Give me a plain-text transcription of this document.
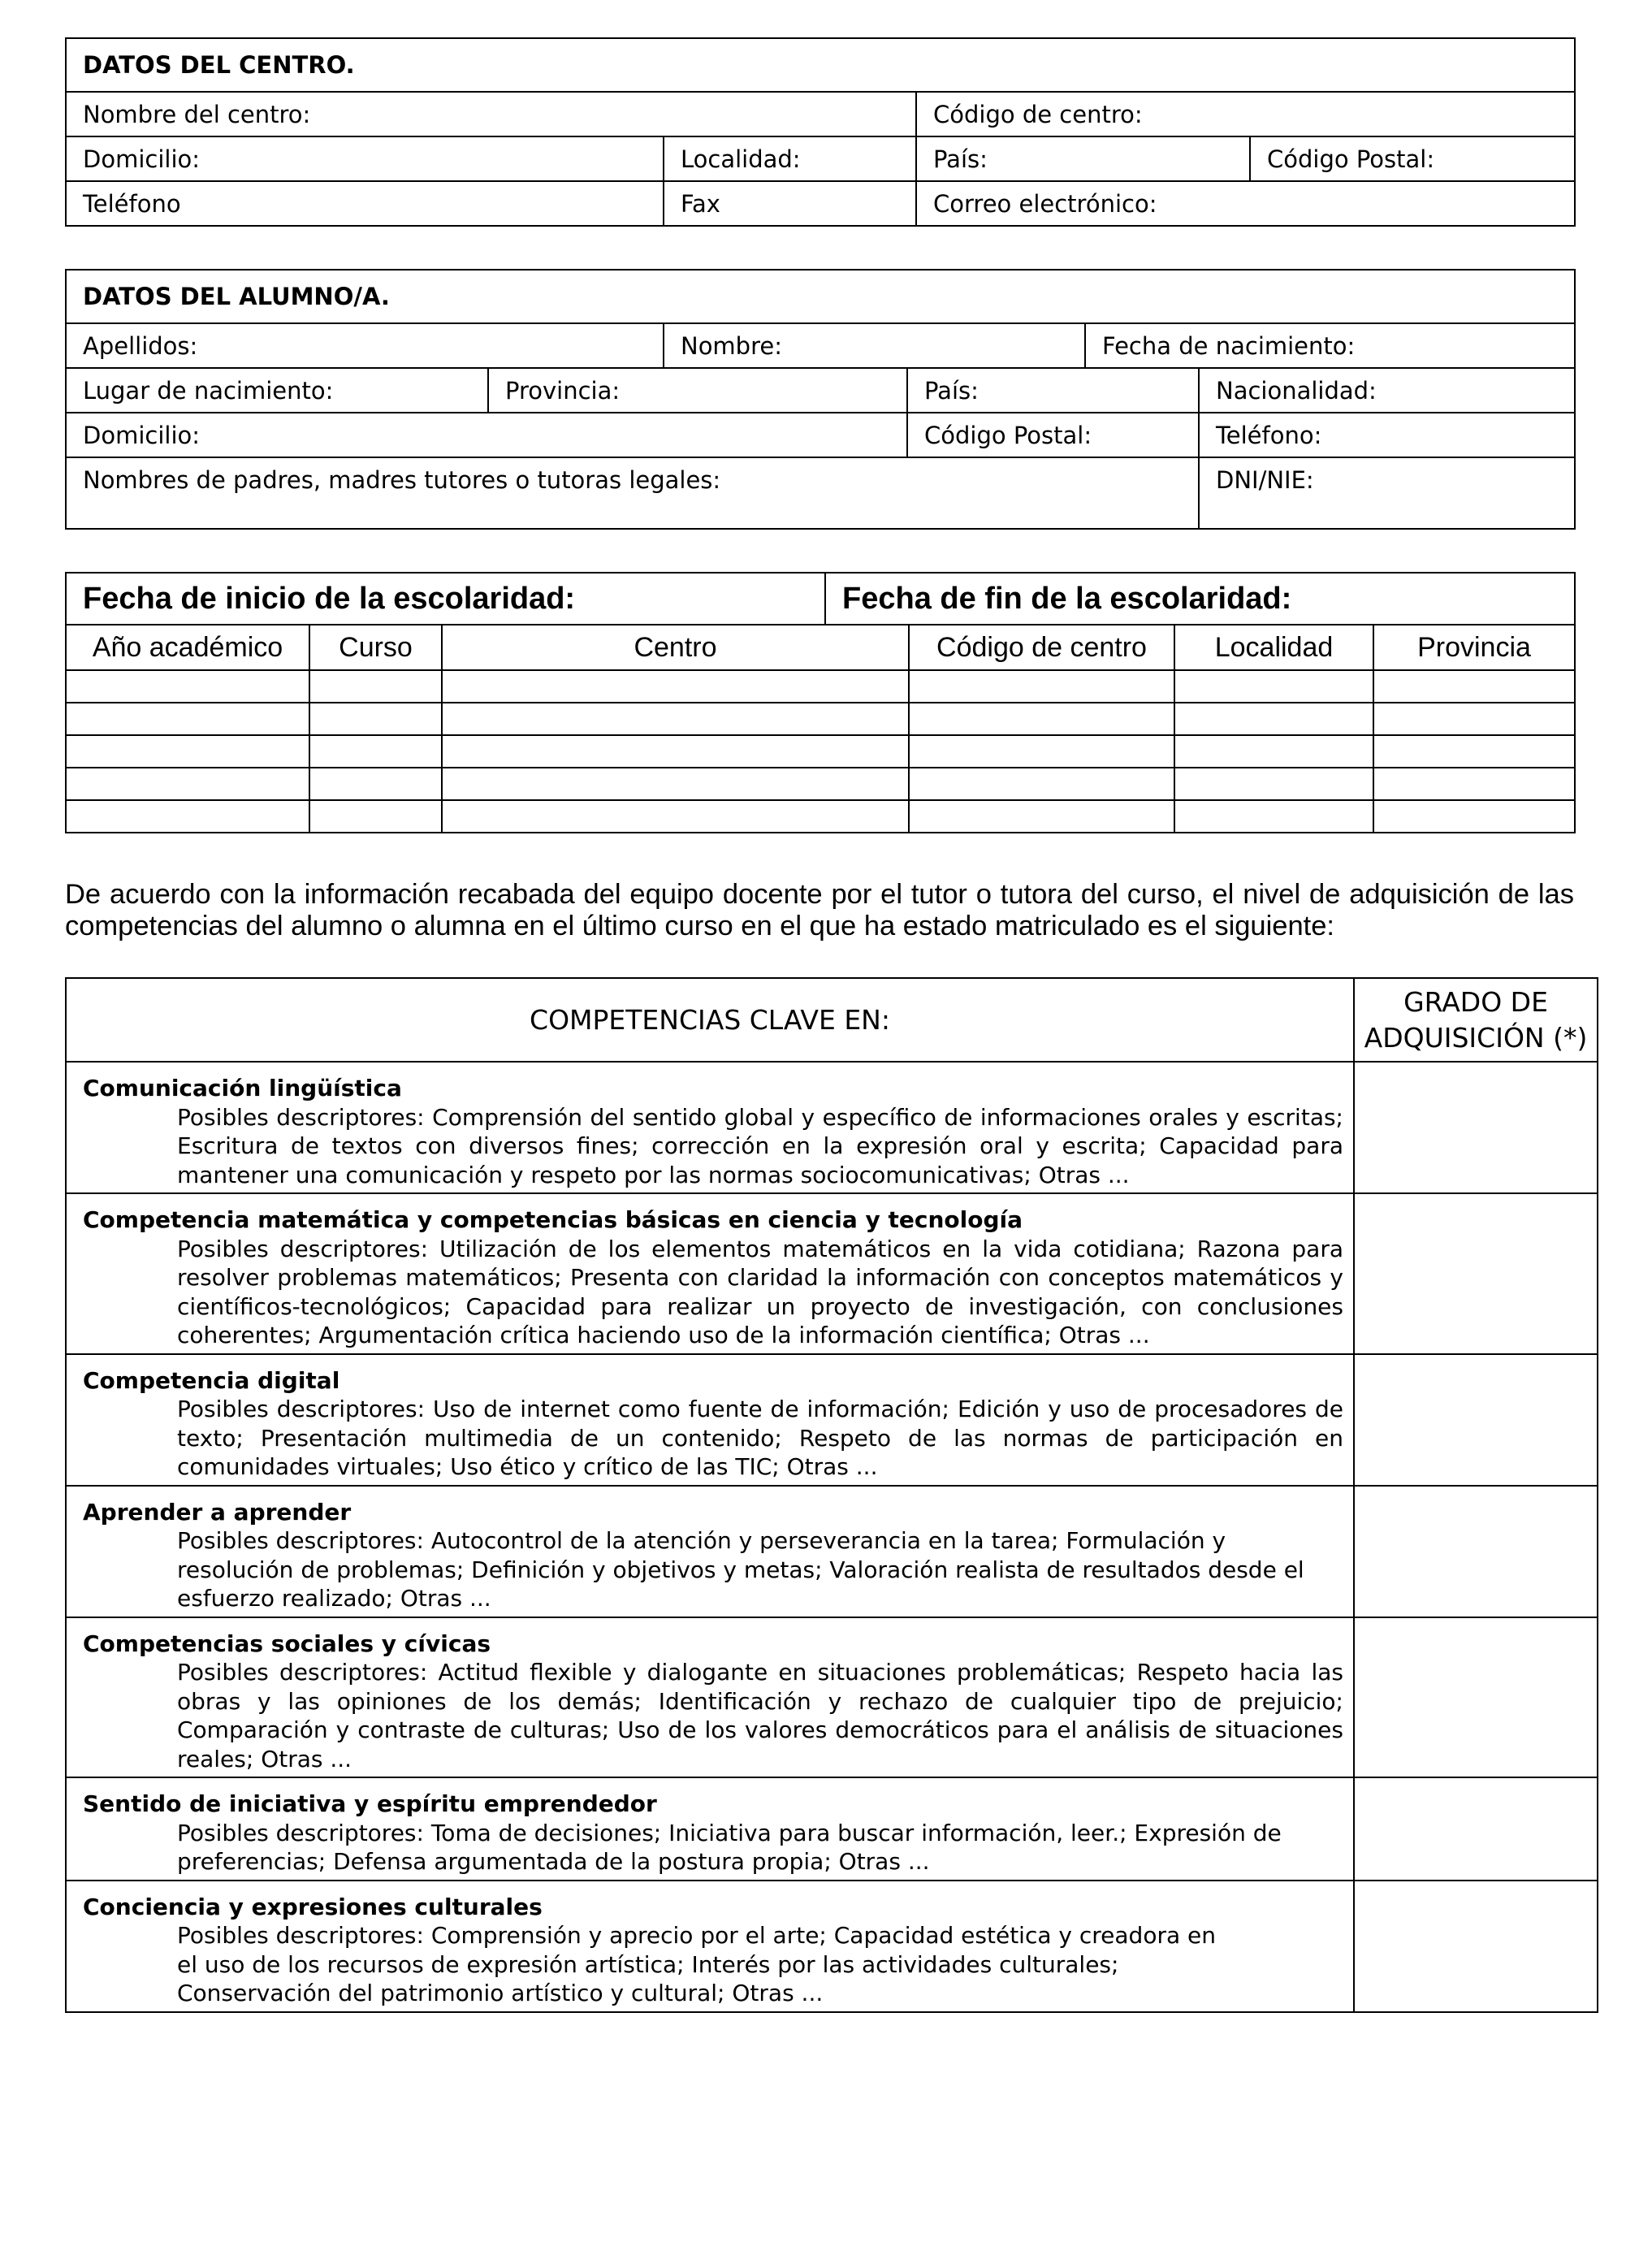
DATOS DEL CENTRO.			
Nombre del centro:		Código de centro:	
Domicilio:	Localidad:	País:	Código Postal:
Teléfono	Fax	Correo electrónico:	
DATOS DEL ALUMNO/A.
Apellidos:	Nombre:	Fecha de nacimiento:
Lugar de nacimiento:	Provincia:	País:	Nacionalidad:
Domicilio:		Código Postal:	Teléfono:
Nombres de padres, madres tutores o tutoras legales:			DNI/NIE:
Fecha de inicio de la escolaridad:	Fecha de fin de la escolaridad:
Año académico	Curso	Centro	Código de centro	Localidad	Provincia

De acuerdo con la información recabada del equipo docente por el tutor o tutora del curso, el nivel de adquisición de las competencias del alumno o alumna en el último curso en el que ha estado matriculado es el siguiente:
COMPETENCIAS CLAVE EN:	GRADO DE
ADQUISICIÓN (*)

Comunicación lingüística
Posibles descriptores: Comprensión del sentido global y específico de informaciones orales y escritas; Escritura de textos con diversos fines; corrección en la expresión oral y escrita; Capacidad para mantener una comunicación y respeto por las normas sociocomunicativas; Otras ...	

Competencia matemática y competencias básicas en ciencia y tecnología
Posibles descriptores: Utilización de los elementos matemáticos en la vida cotidiana; Razona para resolver problemas matemáticos; Presenta con claridad la información con conceptos matemáticos y científicos-tecnológicos; Capacidad para realizar un proyecto de investigación, con conclusiones coherentes; Argumentación crítica haciendo uso de la información científica; Otras ...	

Competencia digital
Posibles descriptores: Uso de internet como fuente de información; Edición y uso de procesadores de texto; Presentación multimedia de un contenido; Respeto de las normas de participación en comunidades virtuales; Uso ético y crítico de las TIC; Otras ...	

Aprender a aprender
Posibles descriptores: Autocontrol de la atención y perseverancia en la tarea; Formulación y resolución de problemas; Definición y objetivos y metas; Valoración realista de resultados desde el esfuerzo realizado; Otras ...	

Competencias sociales y cívicas
Posibles descriptores: Actitud flexible y dialogante en situaciones problemáticas; Respeto hacia las obras y las opiniones de los demás; Identificación y rechazo de cualquier tipo de prejuicio; Comparación y contraste de culturas; Uso de los valores democráticos para el análisis de situaciones reales; Otras ...	

Sentido de iniciativa y espíritu emprendedor
Posibles descriptores: Toma de decisiones; Iniciativa para buscar información, leer.; Expresión de preferencias; Defensa argumentada de la postura propia; Otras ...	

Conciencia y expresiones culturales
Posibles descriptores: Comprensión y aprecio por el arte; Capacidad estética y creadora en el uso de los recursos de expresión artística; Interés por las actividades culturales; Conservación del patrimonio artístico y cultural; Otras ...	
